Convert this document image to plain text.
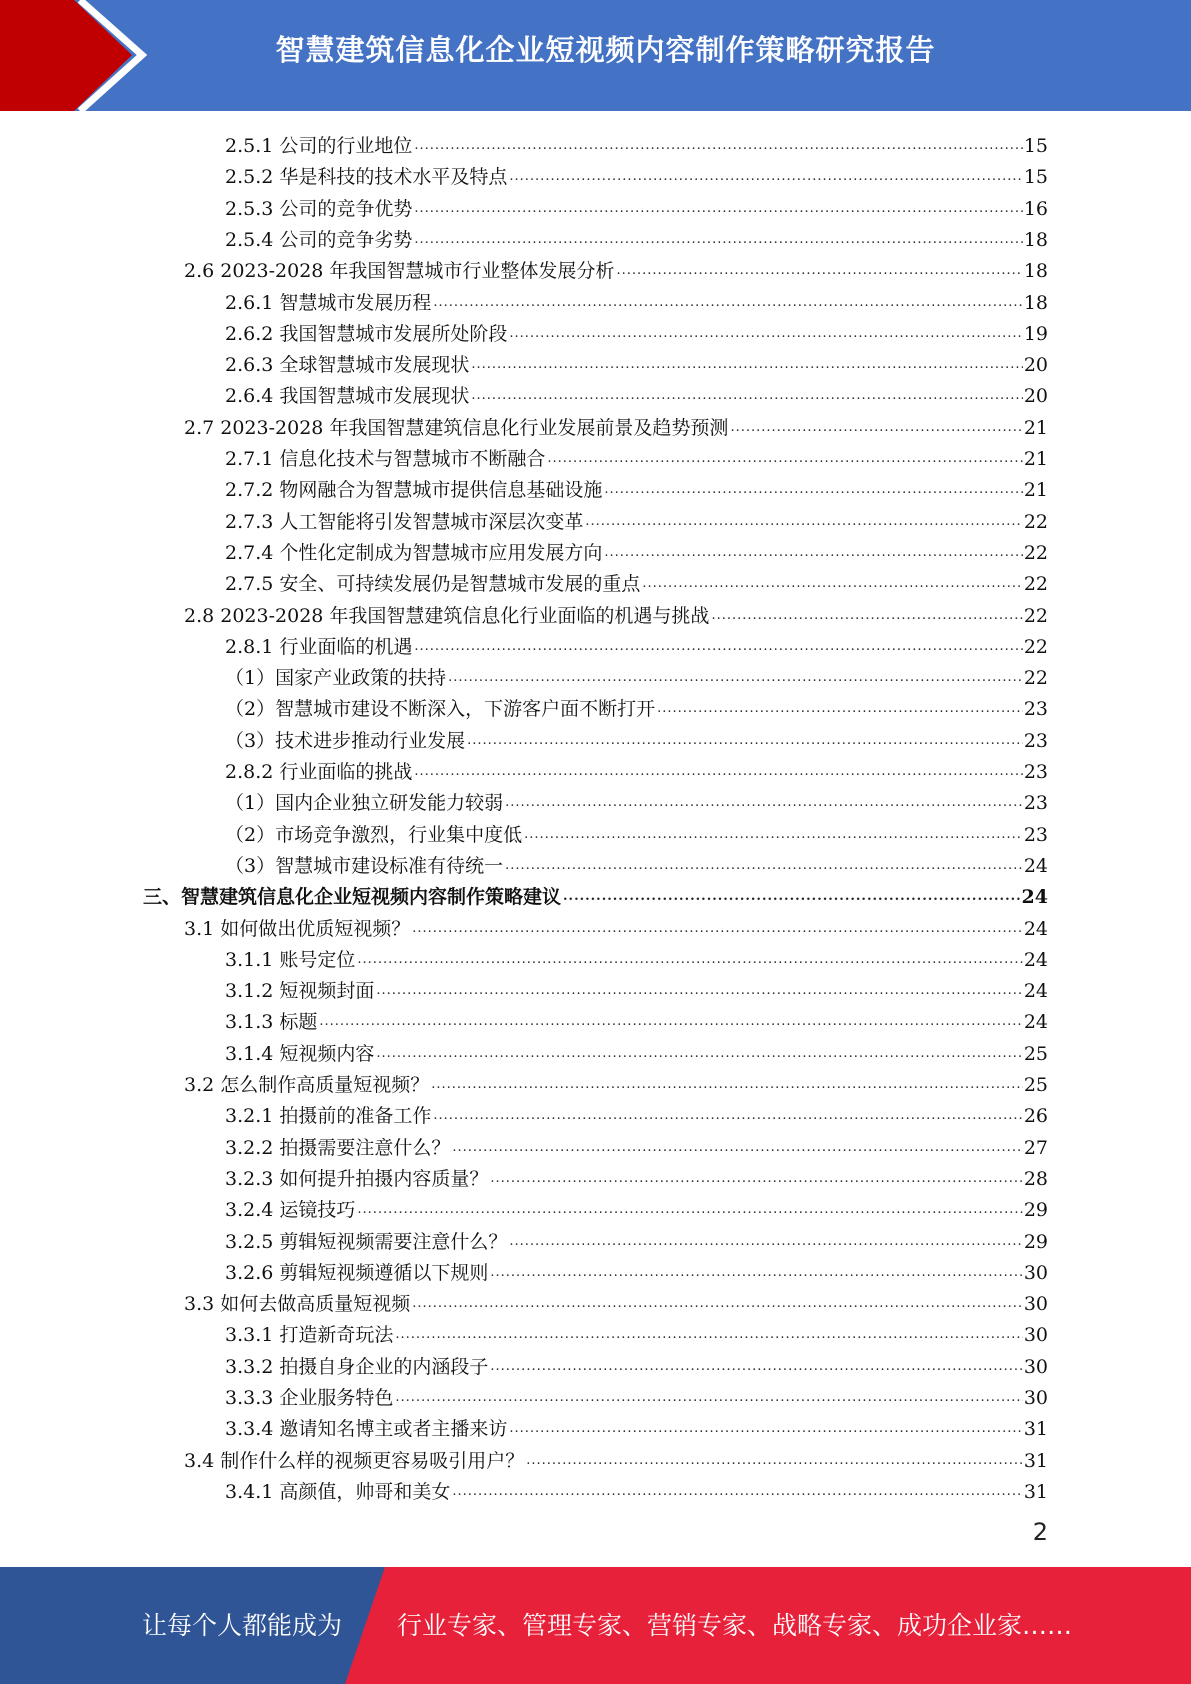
智慧建筑信息化企业短视频内容制作策略研究报告
2.5.1 公司的行业地位 .....	15
2.5.2 华是科技的技术水平及特点 .....	15
2.5.3 公司的竞争优势 .....	16
2.5.4 公司的竞争劣势 .....	18
2.6 2023-2028 年我国智慧城市行业整体发展分析 .....	18
2.6.1 智慧城市发展历程 .....	18
2.6.2 我国智慧城市发展所处阶段 .....	19
2.6.3 全球智慧城市发展现状 .....	20
2.6.4 我国智慧城市发展现状 .....	20
2.7 2023-2028 年我国智慧建筑信息化行业发展前景及趋势预测 .....	21
2.7.1 信息化技术与智慧城市不断融合 .....	21
2.7.2 物网融合为智慧城市提供信息基础设施 .....	21
2.7.3 人工智能将引发智慧城市深层次变革 .....	22
2.7.4 个性化定制成为智慧城市应用发展方向 .....	22
2.7.5 安全、可持续发展仍是智慧城市发展的重点 .....	22
2.8 2023-2028 年我国智慧建筑信息化行业面临的机遇与挑战 .....	22
2.8.1 行业面临的机遇 .....	22
（1）国家产业政策的扶持 .....	22
（2）智慧城市建设不断深入，下游客户面不断打开 .....	23
（3）技术进步推动行业发展 .....	23
2.8.2 行业面临的挑战 .....	23
（1）国内企业独立研发能力较弱 .....	23
（2）市场竞争激烈，行业集中度低 .....	23
（3）智慧城市建设标准有待统一 .....	24
三、智慧建筑信息化企业短视频内容制作策略建议 .....	24
3.1 如何做出优质短视频？ .....	24
3.1.1 账号定位 .....	24
3.1.2 短视频封面 .....	24
3.1.3 标题 .....	24
3.1.4 短视频内容 .....	25
3.2 怎么制作高质量短视频？ .....	25
3.2.1 拍摄前的准备工作 .....	26
3.2.2 拍摄需要注意什么？ .....	27
3.2.3 如何提升拍摄内容质量？ .....	28
3.2.4 运镜技巧 .....	29
3.2.5 剪辑短视频需要注意什么？ .....	29
3.2.6 剪辑短视频遵循以下规则 .....	30
3.3 如何去做高质量短视频 .....	30
3.3.1 打造新奇玩法 .....	30
3.3.2 拍摄自身企业的内涵段子 .....	30
3.3.3 企业服务特色 .....	30
3.3.4 邀请知名博主或者主播来访 .....	31
3.4 制作什么样的视频更容易吸引用户？ .....	31
3.4.1 高颜值，帅哥和美女 .....	31
2
让每个人都能成为 行业专家、管理专家、营销专家、战略专家、成功企业家……
